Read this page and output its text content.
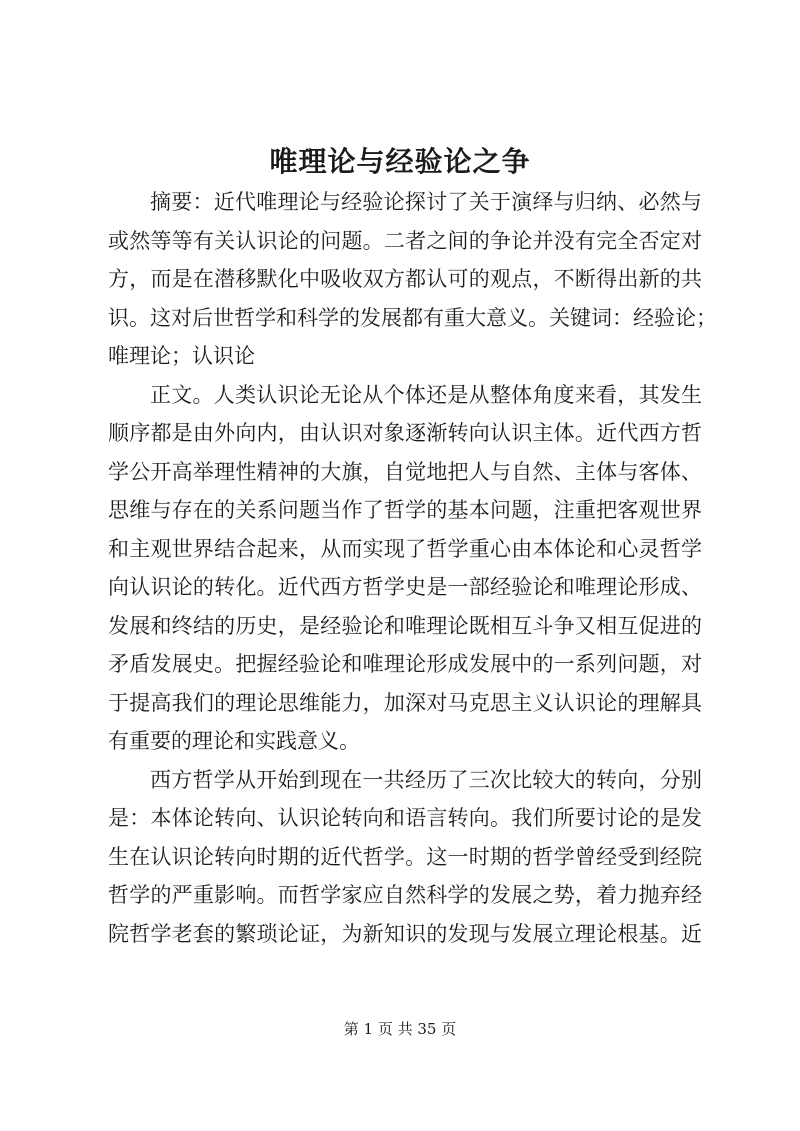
唯理论与经验论之争
摘要：近代唯理论与经验论探讨了关于演绎与归纳、必然与
或然等等有关认识论的问题。二者之间的争论并没有完全否定对
方，而是在潜移默化中吸收双方都认可的观点，不断得出新的共
识。这对后世哲学和科学的发展都有重大意义。关键词：经验论；
唯理论；认识论
正文。人类认识论无论从个体还是从整体角度来看，其发生
顺序都是由外向内，由认识对象逐渐转向认识主体。近代西方哲
学公开高举理性精神的大旗，自觉地把人与自然、主体与客体、
思维与存在的关系问题当作了哲学的基本问题，注重把客观世界
和主观世界结合起来，从而实现了哲学重心由本体论和心灵哲学
向认识论的转化。近代西方哲学史是一部经验论和唯理论形成、
发展和终结的历史，是经验论和唯理论既相互斗争又相互促进的
矛盾发展史。把握经验论和唯理论形成发展中的一系列问题，对
于提高我们的理论思维能力，加深对马克思主义认识论的理解具
有重要的理论和实践意义。
西方哲学从开始到现在一共经历了三次比较大的转向，分别
是：本体论转向、认识论转向和语言转向。我们所要讨论的是发
生在认识论转向时期的近代哲学。这一时期的哲学曾经受到经院
哲学的严重影响。而哲学家应自然科学的发展之势，着力抛弃经
院哲学老套的繁琐论证，为新知识的发现与发展立理论根基。近
第 1 页 共 35 页
